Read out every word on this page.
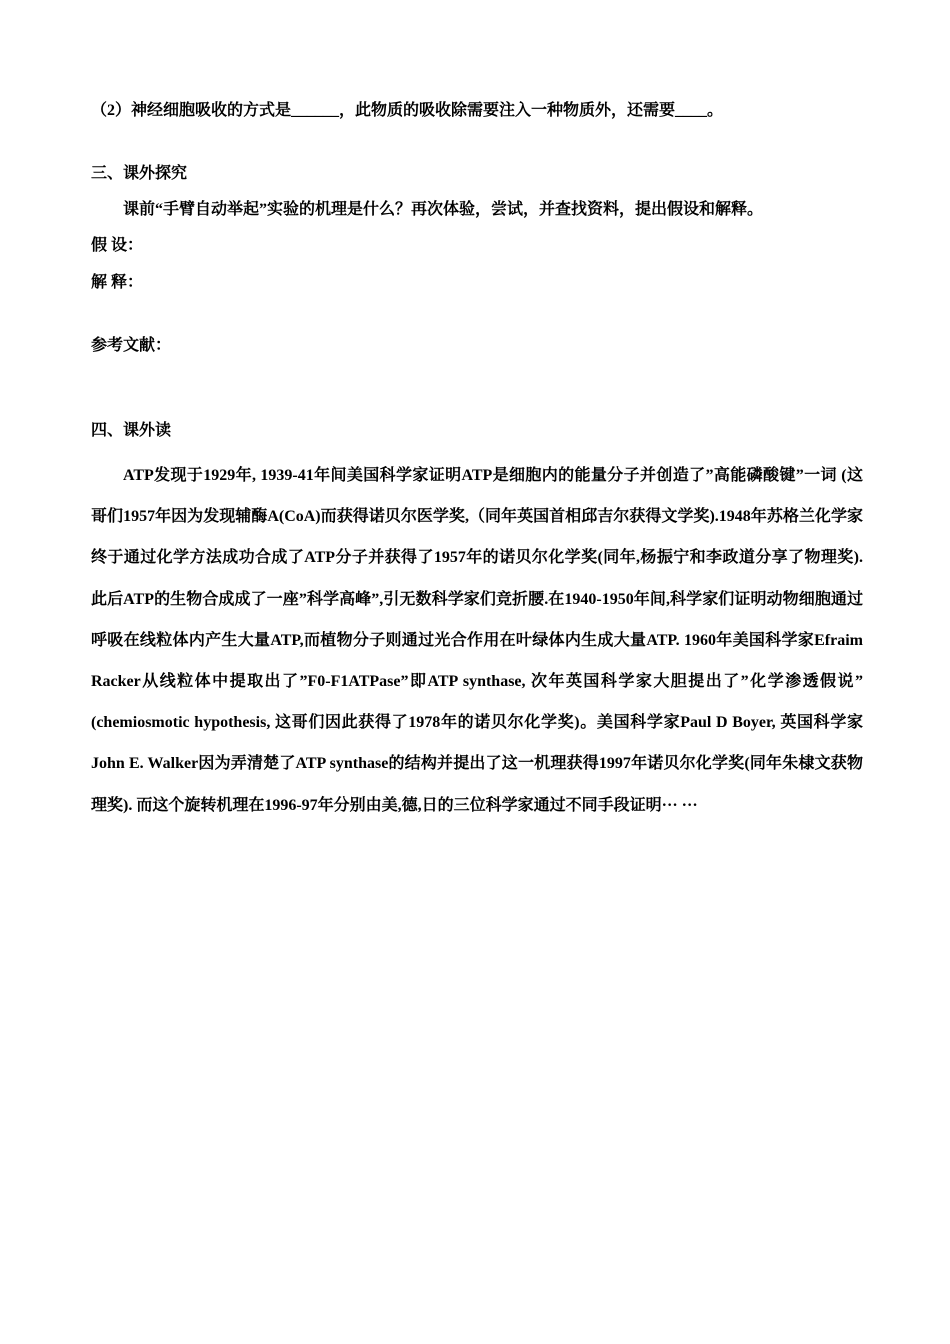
（2）神经细胞吸收的方式是______，此物质的吸收除需要注入一种物质外，还需要____。
三、课外探究
课前“手臂自动举起”实验的机理是什么？再次体验，尝试，并查找资料，提出假设和解释。
假 设：
解 释：
参考文献：
四、课外读
ATP发现于1929年, 1939-41年间美国科学家证明ATP是细胞内的能量分子并创造了”高能磷酸键”一词 (这哥们1957年因为发现辅酶A(CoA)而获得诺贝尔医学奖,（同年英国首相邱吉尔获得文学奖).1948年苏格兰化学家终于通过化学方法成功合成了ATP分子并获得了1957年的诺贝尔化学奖(同年,杨振宁和李政道分享了物理奖). 此后ATP的生物合成成了一座”科学高峰”,引无数科学家们竞折腰.在1940-1950年间,科学家们证明动物细胞通过呼吸在线粒体内产生大量ATP,而植物分子则通过光合作用在叶绿体内生成大量ATP. 1960年美国科学家Efraim Racker从线粒体中提取出了”F0-F1ATPase”即ATP synthase, 次年英国科学家大胆提出了”化学渗透假说” (chemiosmotic hypothesis, 这哥们因此获得了1978年的诺贝尔化学奖)。美国科学家Paul D Boyer, 英国科学家John E. Walker因为弄清楚了ATP synthase的结构并提出了这一机理获得1997年诺贝尔化学奖(同年朱棣文获物理奖). 而这个旋转机理在1996-97年分别由美,德,日的三位科学家通过不同手段证明··· ···
